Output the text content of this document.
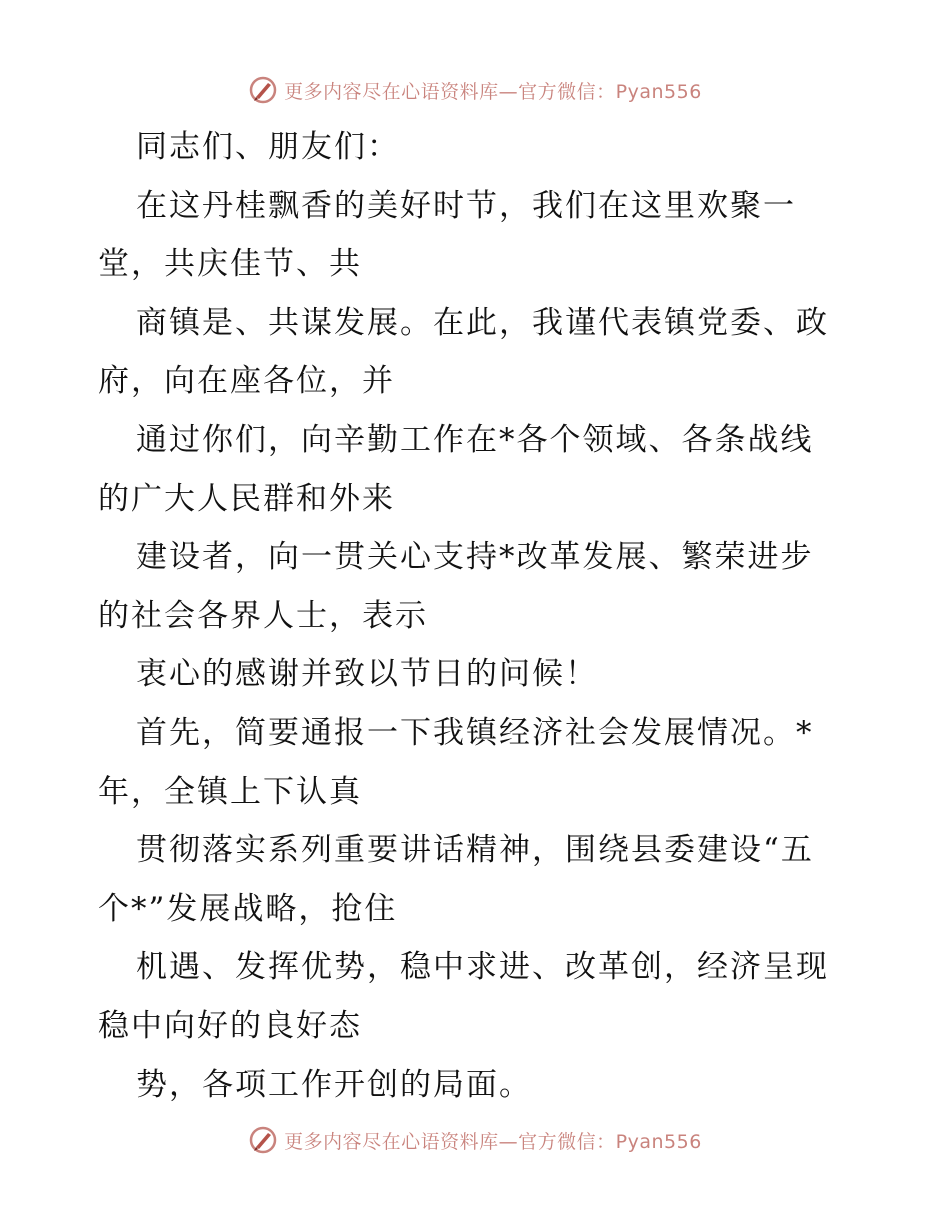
更多内容尽在心语资料库—官方微信：Pyan556
同志们、朋友们：
在这丹桂飘香的美好时节，我们在这里欢聚一
堂，共庆佳节、共
商镇是、共谋发展。在此，我谨代表镇党委、政
府，向在座各位，并
通过你们，向辛勤工作在*各个领域、各条战线
的广大人民群和外来
建设者，向一贯关心支持*改革发展、繁荣进步
的社会各界人士，表示
衷心的感谢并致以节日的问候！
首先，简要通报一下我镇经济社会发展情况。*
年，全镇上下认真
贯彻落实系列重要讲话精神，围绕县委建设“五
个*”发展战略，抢住
机遇、发挥优势，稳中求进、改革创，经济呈现
稳中向好的良好态
势，各项工作开创的局面。
更多内容尽在心语资料库—官方微信：Pyan556
